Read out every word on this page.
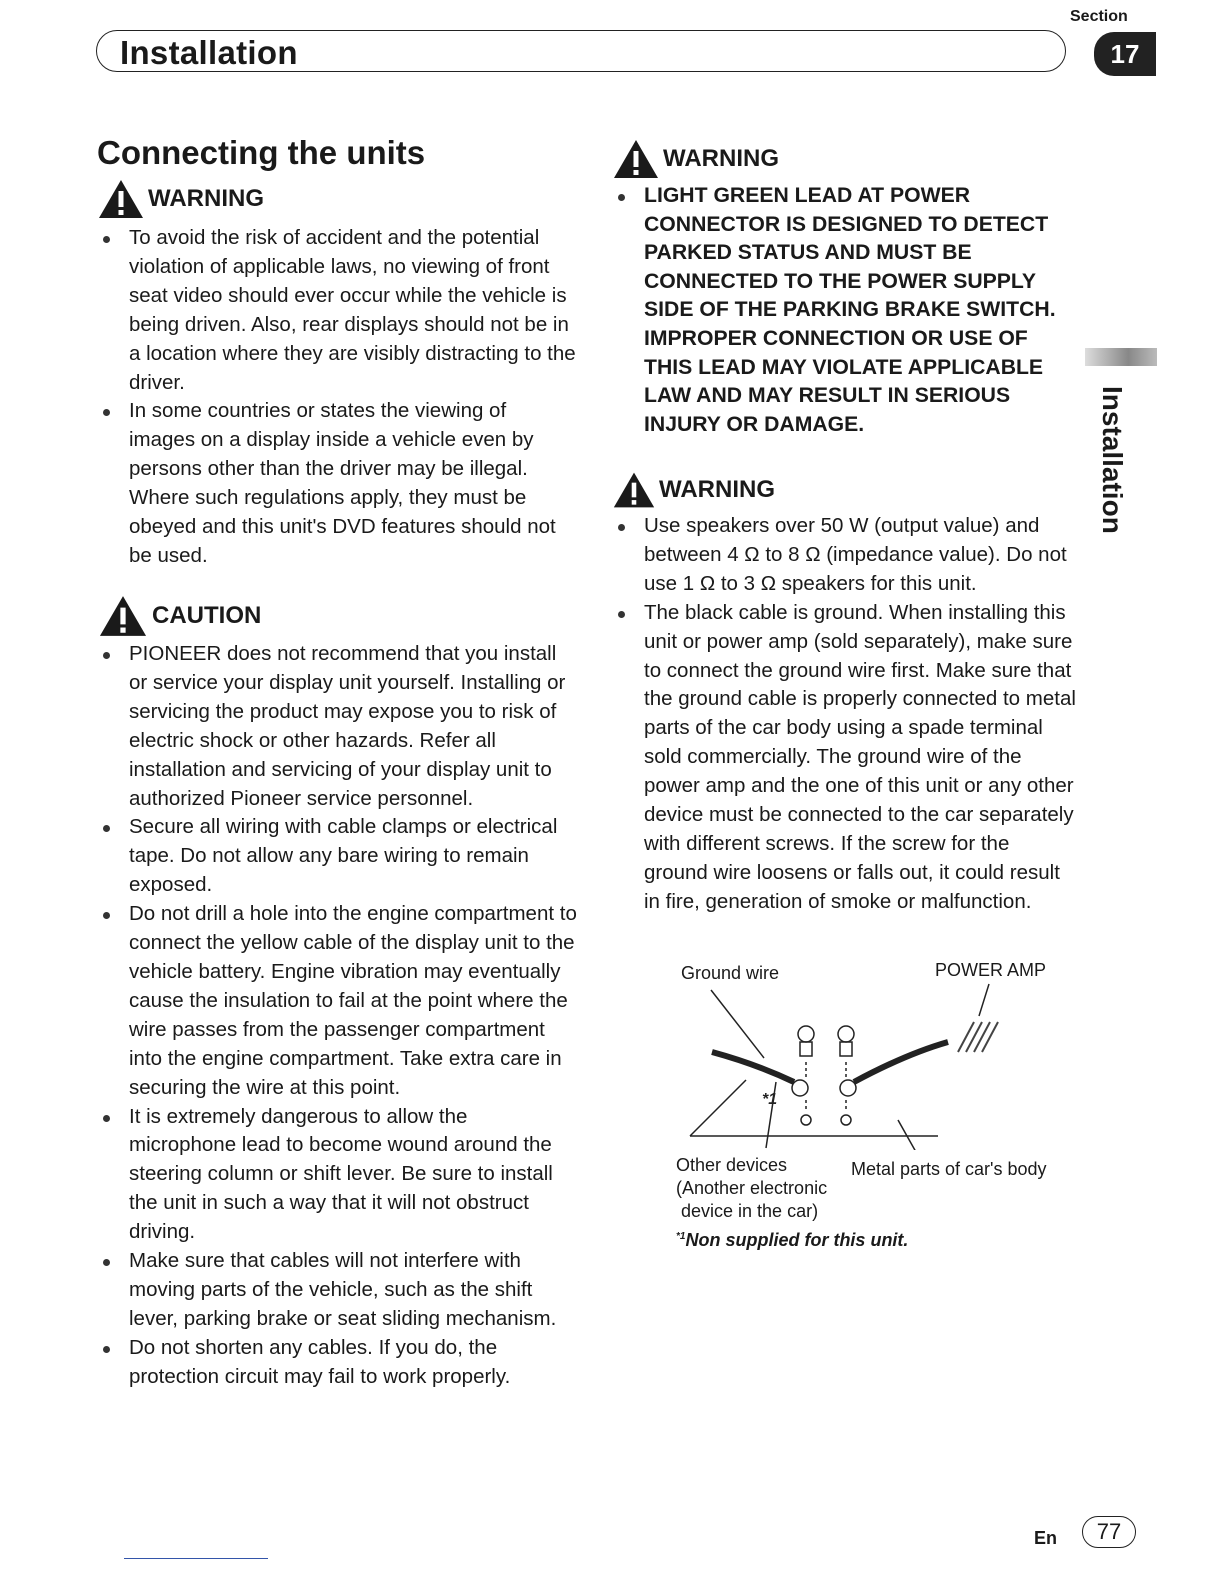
Section
Installation	17
Connecting the units
WARNING
To avoid the risk of accident and the potential violation of applicable laws, no viewing of front seat video should ever occur while the vehicle is being driven. Also, rear displays should not be in a location where they are visibly distracting to the driver.
In some countries or states the viewing of images on a display inside a vehicle even by persons other than the driver may be illegal. Where such regulations apply, they must be obeyed and this unit's DVD features should not be used.
CAUTION
PIONEER does not recommend that you install or service your display unit yourself. Installing or servicing the product may expose you to risk of electric shock or other hazards. Refer all installation and servicing of your display unit to authorized Pioneer service personnel.
Secure all wiring with cable clamps or electrical tape. Do not allow any bare wiring to remain exposed.
Do not drill a hole into the engine compartment to connect the yellow cable of the display unit to the vehicle battery. Engine vibration may eventually cause the insulation to fail at the point where the wire passes from the passenger compartment into the engine compartment. Take extra care in securing the wire at this point.
It is extremely dangerous to allow the microphone lead to become wound around the steering column or shift lever. Be sure to install the unit in such a way that it will not obstruct driving.
Make sure that cables will not interfere with moving parts of the vehicle, such as the shift lever, parking brake or seat sliding mechanism.
Do not shorten any cables. If you do, the protection circuit may fail to work properly.
WARNING
LIGHT GREEN LEAD AT POWER CONNECTOR IS DESIGNED TO DETECT PARKED STATUS AND MUST BE CONNECTED TO THE POWER SUPPLY SIDE OF THE PARKING BRAKE SWITCH. IMPROPER CONNECTION OR USE OF THIS LEAD MAY VIOLATE APPLICABLE LAW AND MAY RESULT IN SERIOUS INJURY OR DAMAGE.
WARNING
Use speakers over 50 W (output value) and between 4 Ω to 8 Ω (impedance value). Do not use 1 Ω to 3 Ω speakers for this unit.
The black cable is ground. When installing this unit or power amp (sold separately), make sure to connect the ground wire first. Make sure that the ground cable is properly connected to metal parts of the car body using a spade terminal sold commercially. The ground wire of the power amp and the one of this unit or any other device must be connected to the car separately with different screws. If the screw for the ground wire loosens or falls out, it could result in fire, generation of smoke or malfunction.
Ground wire	POWER AMP
*1
Other devices
(Another electronic
device in the car)
Metal parts of car's body
$^{*1}$Non supplied for this unit.
Installation
En	77
